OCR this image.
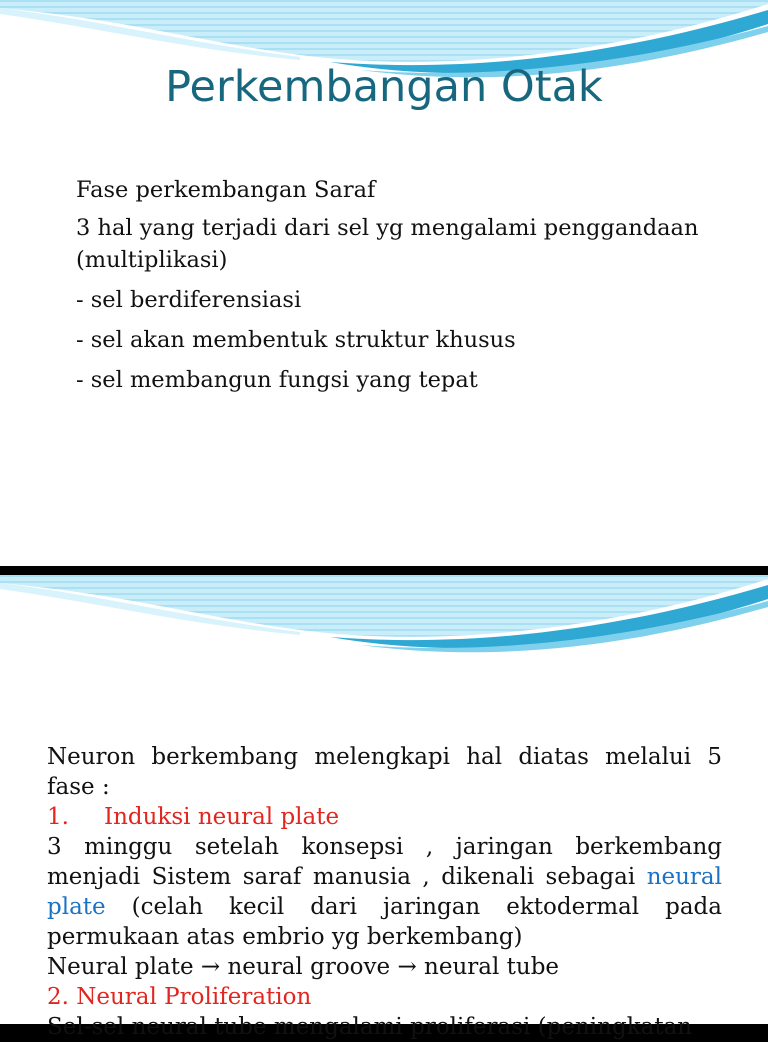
Perkembangan Otak

Fase perkembangan Saraf

3 hal yang terjadi dari sel yg mengalami penggandaan (multiplikasi)

- sel berdiferensiasi

- sel akan membentuk struktur khusus

- sel membangun fungsi yang tepat

Neuron berkembang melengkapi hal diatas melalui 5 fase :

1. Induksi neural plate

3 minggu setelah konsepsi , jaringan berkembang menjadi Sistem saraf manusia , dikenali sebagai neural plate (celah kecil dari jaringan ektodermal pada permukaan atas embrio yg berkembang)

Neural plate → neural groove → neural tube

2. Neural Proliferation

Sel-sel neural tube mengalami proliferasi (peningkatan
